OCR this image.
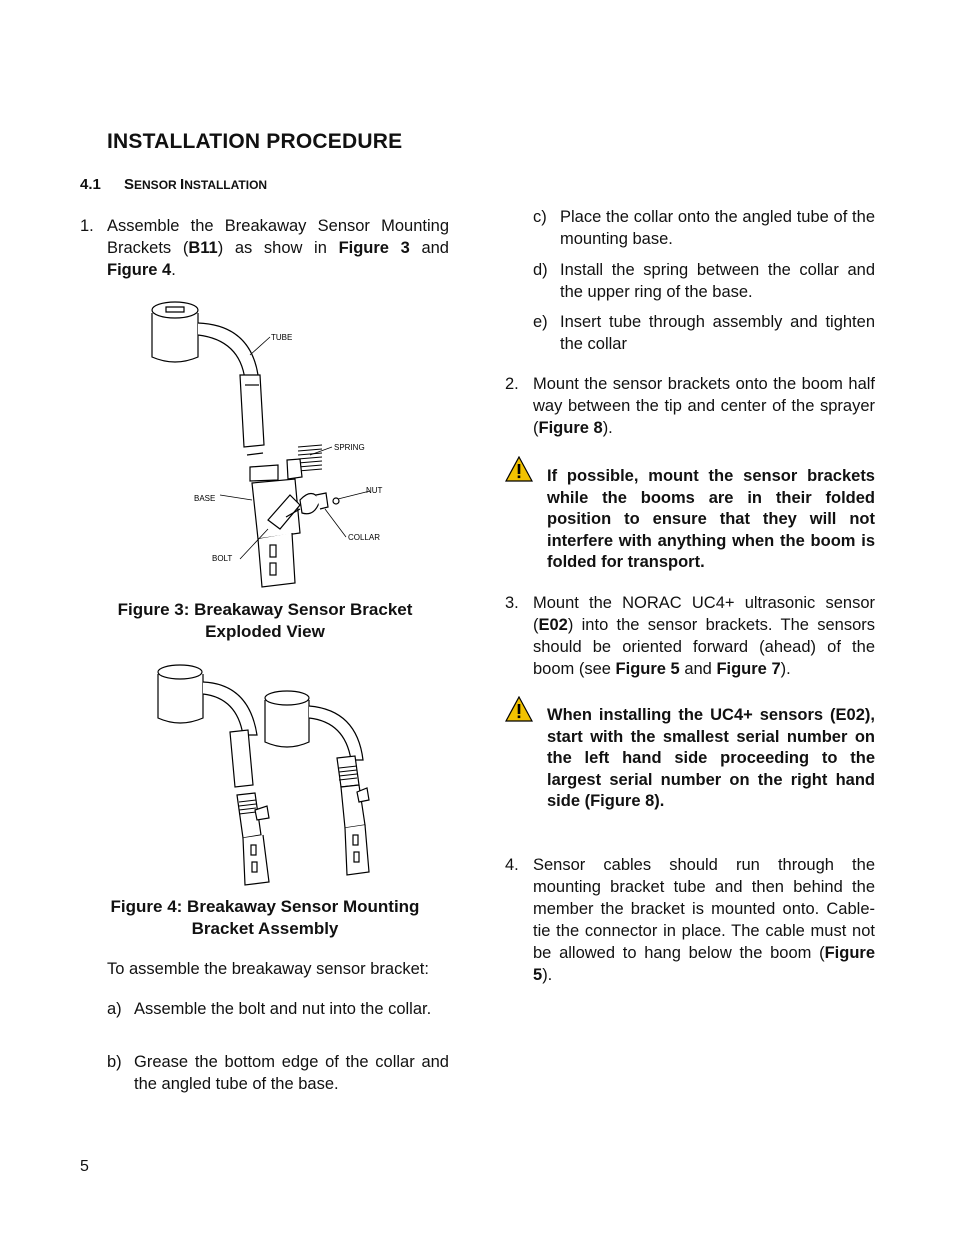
INSTALLATION PROCEDURE
4.1 SENSOR INSTALLATION
1. Assemble the Breakaway Sensor Mounting Brackets (B11) as show in Figure 3 and Figure 4.
TUBE
SPRING
NUT
BASE
COLLAR
BOLT
Figure 3: Breakaway Sensor Bracket
Exploded View
Figure 4: Breakaway Sensor Mounting
Bracket Assembly
To assemble the breakaway sensor bracket:
a) Assemble the bolt and nut into the collar.
b) Grease the bottom edge of the collar and the angled tube of the base.
c) Place the collar onto the angled tube of the mounting base.
d) Install the spring between the collar and the upper ring of the base.
e) Insert tube through assembly and tighten the collar
2. Mount the sensor brackets onto the boom half way between the tip and center of the sprayer (Figure 8).
If possible, mount the sensor brackets while the booms are in their folded position to ensure that they will not interfere with anything when the boom is folded for transport.
3. Mount the NORAC UC4+ ultrasonic sensor (E02) into the sensor brackets. The sensors should be oriented forward (ahead) of the boom (see Figure 5 and Figure 7).
When installing the UC4+ sensors (E02), start with the smallest serial number on the left hand side proceeding to the largest serial number on the right hand side (Figure 8).
4. Sensor cables should run through the mounting bracket tube and then behind the member the bracket is mounted onto. Cable-tie the connector in place. The cable must not be allowed to hang below the boom (Figure 5).
5
